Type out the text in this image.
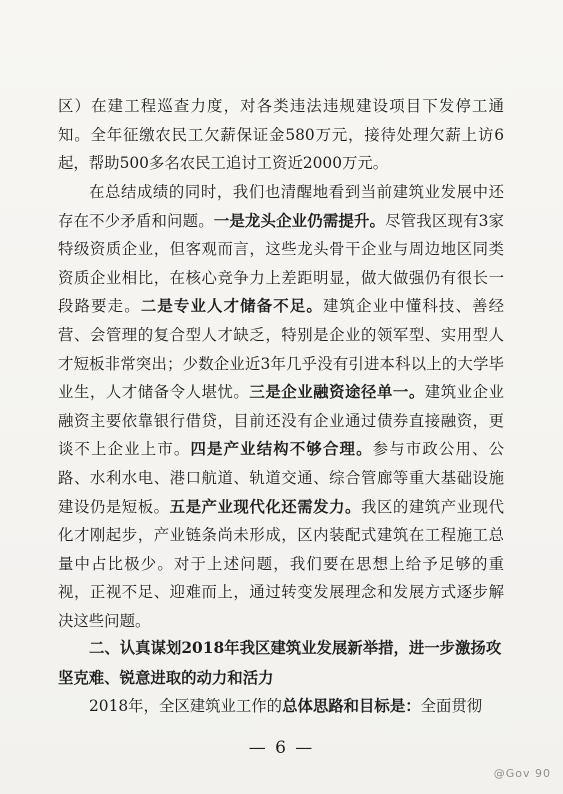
区）在建工程巡查力度，对各类违法违规建设项目下发停工通知。全年征缴农民工欠薪保证金580万元，接待处理欠薪上访6起，帮助500多名农民工追讨工资近2000万元。

在总结成绩的同时，我们也清醒地看到当前建筑业发展中还存在不少矛盾和问题。一是龙头企业仍需提升。尽管我区现有3家特级资质企业，但客观而言，这些龙头骨干企业与周边地区同类资质企业相比，在核心竞争力上差距明显，做大做强仍有很长一段路要走。二是专业人才储备不足。建筑企业中懂科技、善经营、会管理的复合型人才缺乏，特别是企业的领军型、实用型人才短板非常突出；少数企业近3年几乎没有引进本科以上的大学毕业生，人才储备令人堪忧。三是企业融资途径单一。建筑业企业融资主要依靠银行借贷，目前还没有企业通过债券直接融资，更谈不上企业上市。四是产业结构不够合理。参与市政公用、公路、水利水电、港口航道、轨道交通、综合管廊等重大基础设施建设仍是短板。五是产业现代化还需发力。我区的建筑产业现代化才刚起步，产业链条尚未形成，区内装配式建筑在工程施工总量中占比极少。对于上述问题，我们要在思想上给予足够的重视，正视不足、迎难而上，通过转变发展理念和发展方式逐步解决这些问题。

二、认真谋划2018年我区建筑业发展新举措，进一步激扬攻坚克难、锐意进取的动力和活力

2018年，全区建筑业工作的总体思路和目标是：全面贯彻

— 6 —
@Gov 90
